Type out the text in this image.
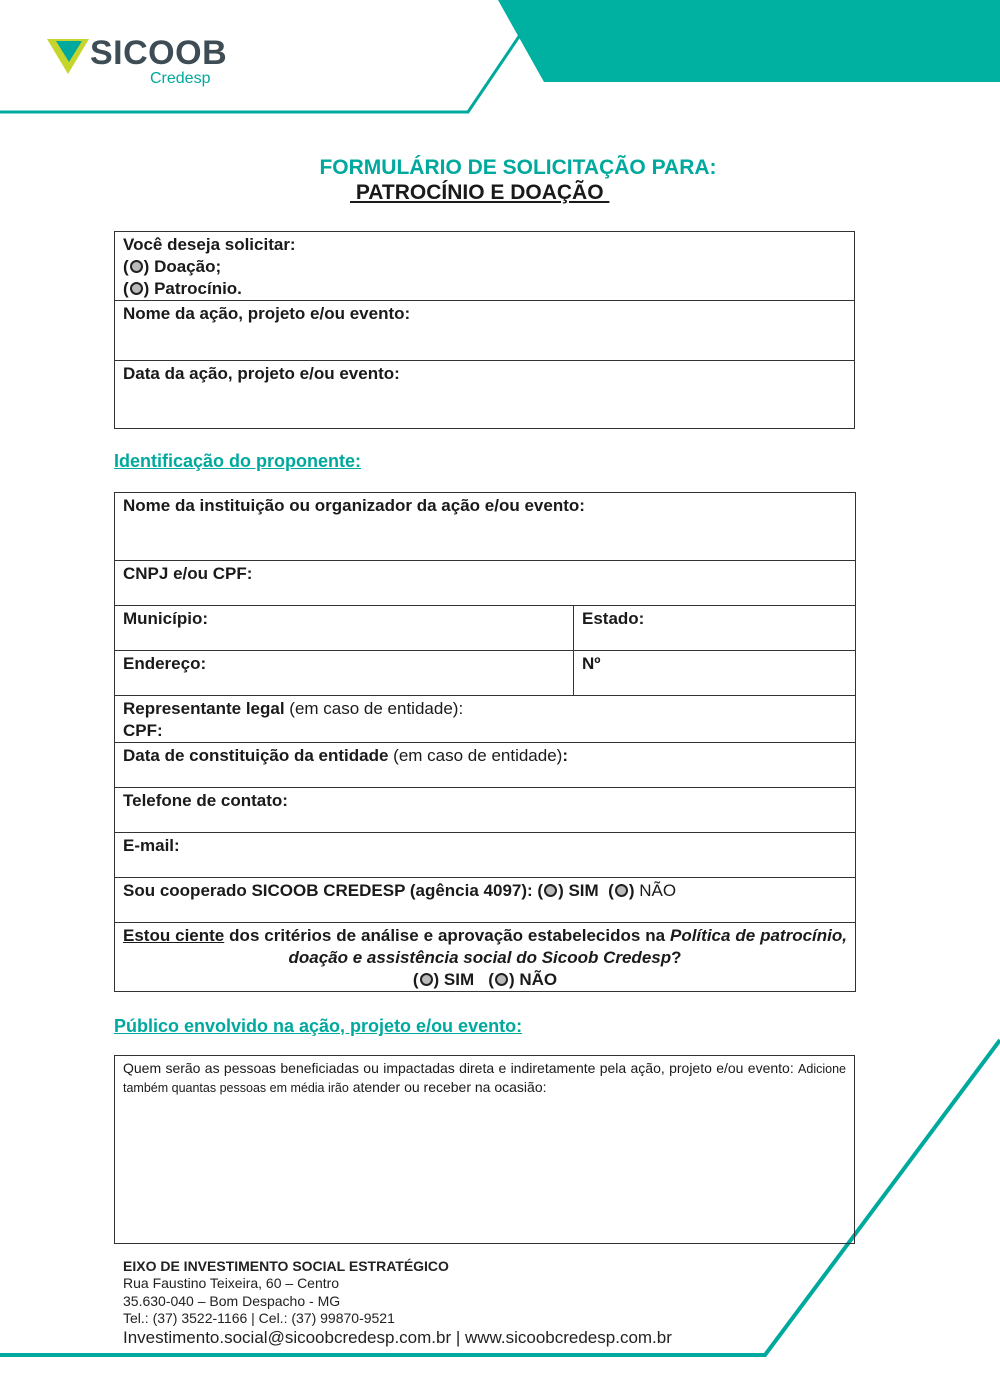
SICOOB
Credesp
FORMULÁRIO DE SOLICITAÇÃO PARA:
PATROCÍNIO E DOAÇÃO
Você deseja solicitar:
( ) Doação;
( ) Patrocínio.

Nome da ação, projeto e/ou evento:
Data da ação, projeto e/ou evento:
Identificação do proponente:
Nome da instituição ou organizador da ação e/ou evento:	
CNPJ e/ou CPF:	
Município:	Estado:
Endereço:	Nº

Representante legal (em caso de entidade):
CPF:	

Data de constituição da entidade (em caso de entidade):	
Telefone de contato:	
E-mail:	
Sou cooperado SICOOB CREDESP (agência 4097): ( ) SIM  ( ) NÃO	

Estou ciente dos critérios de análise e aprovação estabelecidos na Política de patrocínio, doação e assistência social do Sicoob Credesp?
( ) SIM   ( ) NÃO	
Público envolvido na ação, projeto e/ou evento:
Quem serão as pessoas beneficiadas ou impactadas direta e indiretamente pela ação, projeto e/ou evento: Adicione também quantas pessoas em média irão atender ou receber na ocasião:
EIXO DE INVESTIMENTO SOCIAL ESTRATÉGICO
Rua Faustino Teixeira, 60 – Centro
35.630-040 – Bom Despacho - MG
Tel.: (37) 3522-1166 | Cel.: (37) 99870-9521
Investimento.social@sicoobcredesp.com.br | www.sicoobcredesp.com.br
